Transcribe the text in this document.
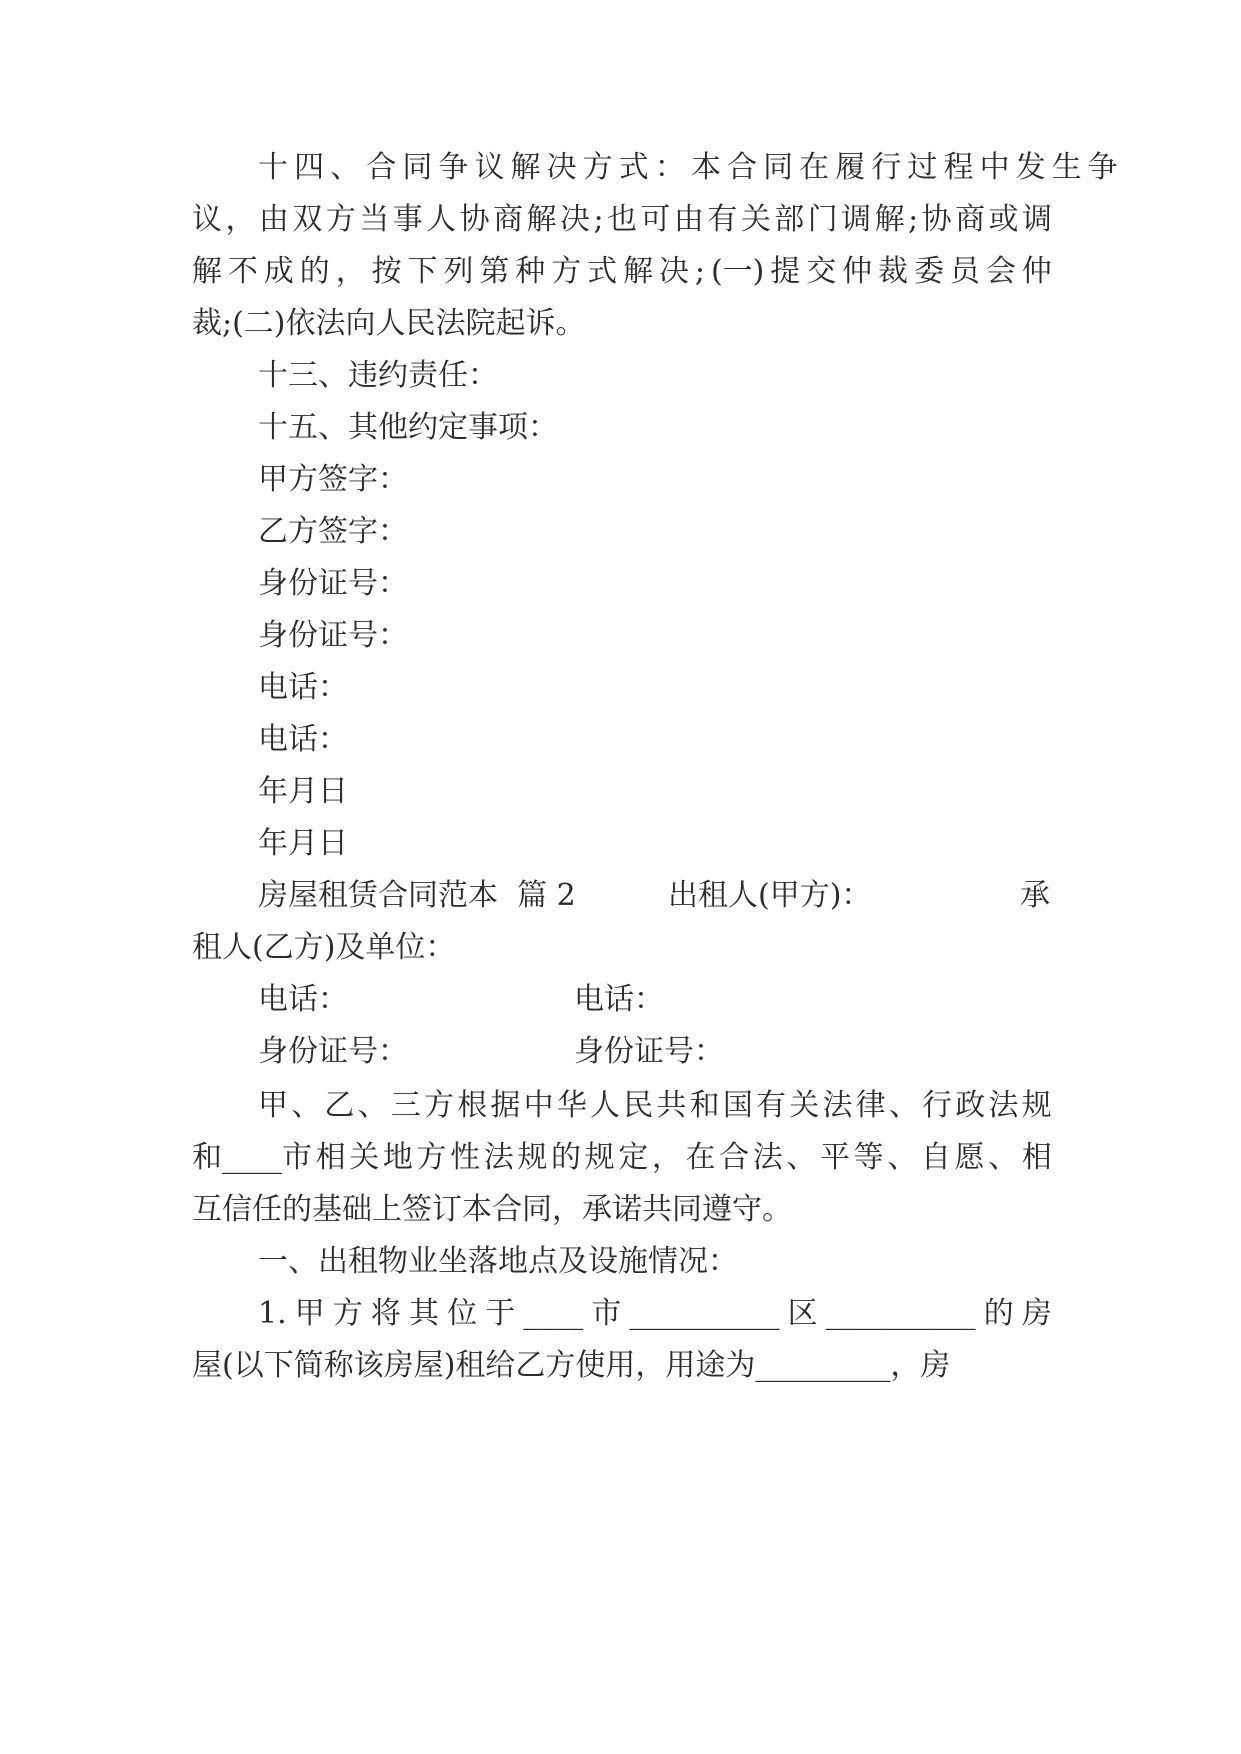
十 四 、 合 同 争 议 解 决 方 式 ： 本 合 同 在 履 行 过 程 中 发 生 争
议 ， 由 双 方 当 事 人 协 商 解 决 ; 也 可 由 有 关 部 门 调 解 ; 协 商 或 调
解 不 成 的 ， 按 下 列 第 种 方 式 解 决 ; (一) 提 交 仲 裁 委 员 会 仲
裁;(二)依法向人民法院起诉。
十三、违约责任：
十五、其他约定事项：
甲方签字：
乙方签字：
身份证号：
身份证号：
电话：
电话：
年月日
年月日
房屋租赁合同范本  篇 2	出租人(甲方)：	承
租人(乙方)及单位：
电话：	电话：
身份证号：	身份证号：
甲 、 乙 、 三 方 根 据 中 华 人 民 共 和 国 有 关 法 律 、 行 政 法 规
和____市 相 关 地 方 性 法 规 的 规 定 ， 在 合 法 、 平 等 、 自 愿 、 相
互信任的基础上签订本合同，承诺共同遵守。
一、出租物业坐落地点及设施情况：
1. 甲 方 将 其 位 于 ____ 市 __________ 区 __________ 的 房
屋(以下简称该房屋)租给乙方使用，用途为_________，房
